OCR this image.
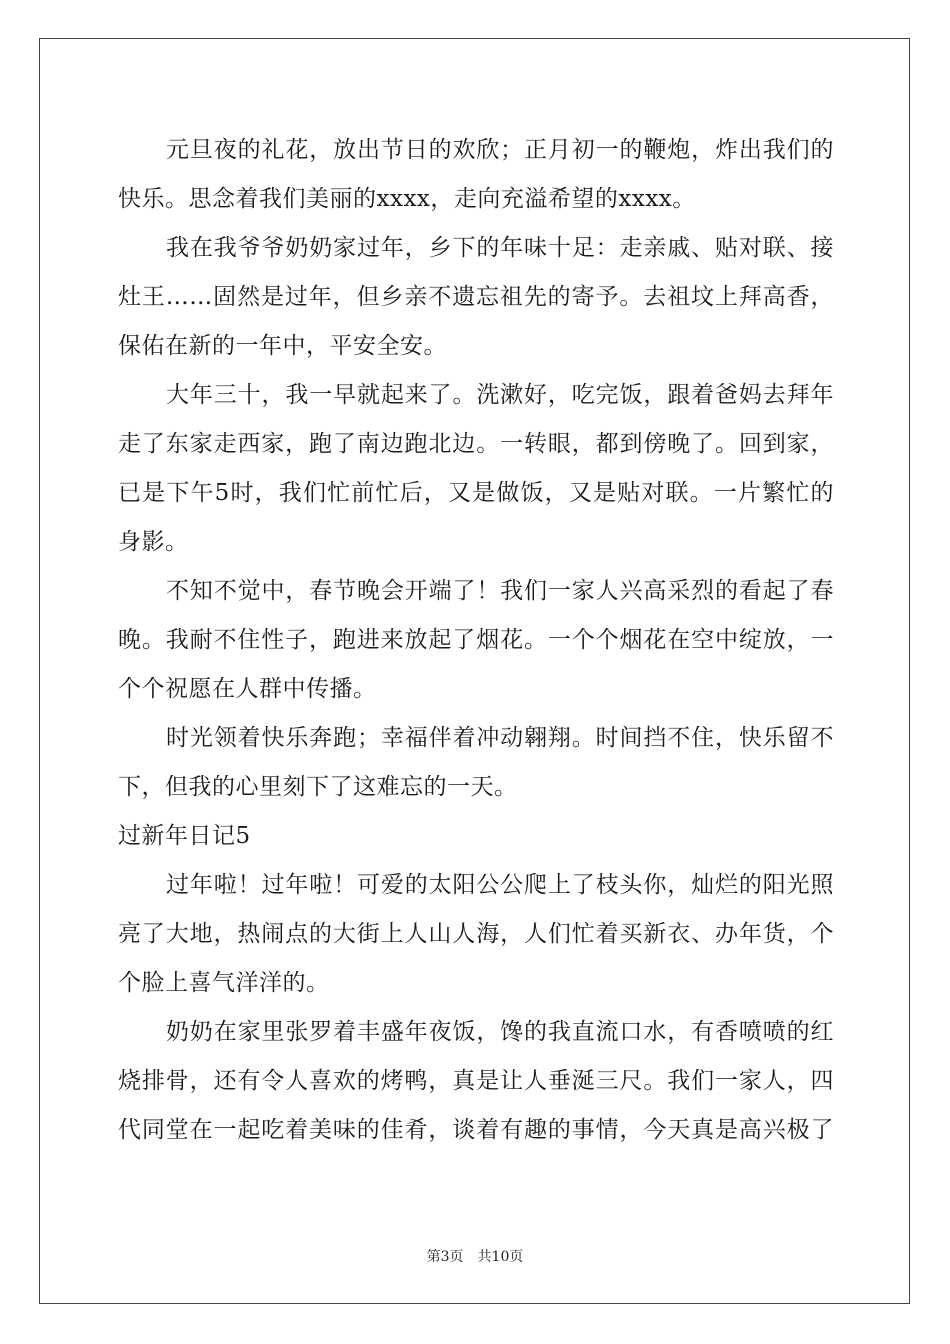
元旦夜的礼花，放出节日的欢欣；正月初一的鞭炮，炸出我们的
快乐。思念着我们美丽的xxxx，走向充溢希望的xxxx。
我在我爷爷奶奶家过年，乡下的年味十足：走亲戚、贴对联、接
灶王……固然是过年，但乡亲不遗忘祖先的寄予。去祖坟上拜高香，
保佑在新的一年中，平安全安。
大年三十，我一早就起来了。洗漱好，吃完饭，跟着爸妈去拜年
走了东家走西家，跑了南边跑北边。一转眼，都到傍晚了。回到家，
已是下午5时，我们忙前忙后，又是做饭，又是贴对联。一片繁忙的
身影。
不知不觉中，春节晚会开端了！我们一家人兴高采烈的看起了春
晚。我耐不住性子，跑进来放起了烟花。一个个烟花在空中绽放，一
个个祝愿在人群中传播。
时光领着快乐奔跑；幸福伴着冲动翱翔。时间挡不住，快乐留不
下，但我的心里刻下了这难忘的一天。
过新年日记5
过年啦！过年啦！可爱的太阳公公爬上了枝头你，灿烂的阳光照
亮了大地，热闹点的大街上人山人海，人们忙着买新衣、办年货，个
个脸上喜气洋洋的。
奶奶在家里张罗着丰盛年夜饭，馋的我直流口水，有香喷喷的红
烧排骨，还有令人喜欢的烤鸭，真是让人垂涎三尺。我们一家人，四
代同堂在一起吃着美味的佳肴，谈着有趣的事情，今天真是高兴极了
第3页　共10页
